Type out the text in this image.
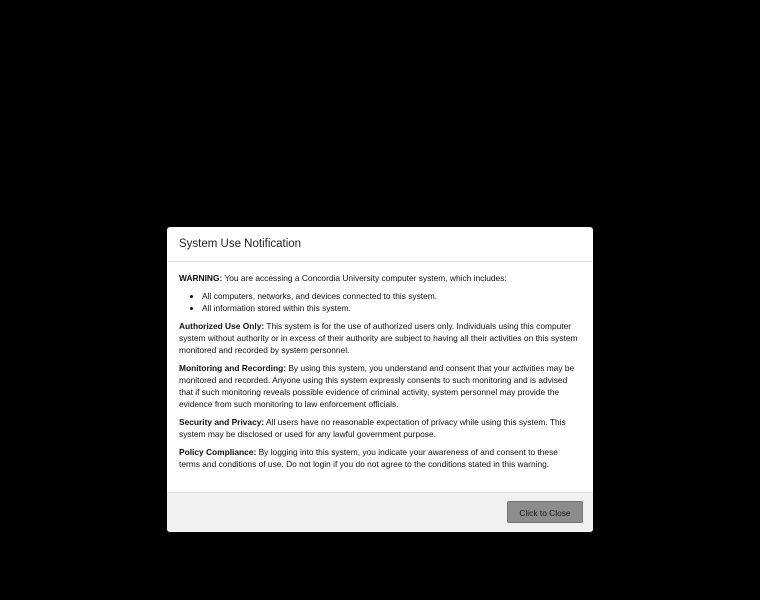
System Use Notification

WARNING: You are accessing a Concordia University computer system, which includes:

• All computers, networks, and devices connected to this system.
• All information stored within this system.

Authorized Use Only: This system is for the use of authorized users only. Individuals using this computer system without authority or in excess of their authority are subject to having all their activities on this system monitored and recorded by system personnel.

Monitoring and Recording: By using this system, you understand and consent that your activities may be monitored and recorded. Anyone using this system expressly consents to such monitoring and is advised that if such monitoring reveals possible evidence of criminal activity, system personnel may provide the evidence from such monitoring to law enforcement officials.

Security and Privacy: All users have no reasonable expectation of privacy while using this system. This system may be disclosed or used for any lawful government purpose.

Policy Compliance: By logging into this system, you indicate your awareness of and consent to these terms and conditions of use. Do not login if you do not agree to the conditions stated in this warning.

Click to Close
